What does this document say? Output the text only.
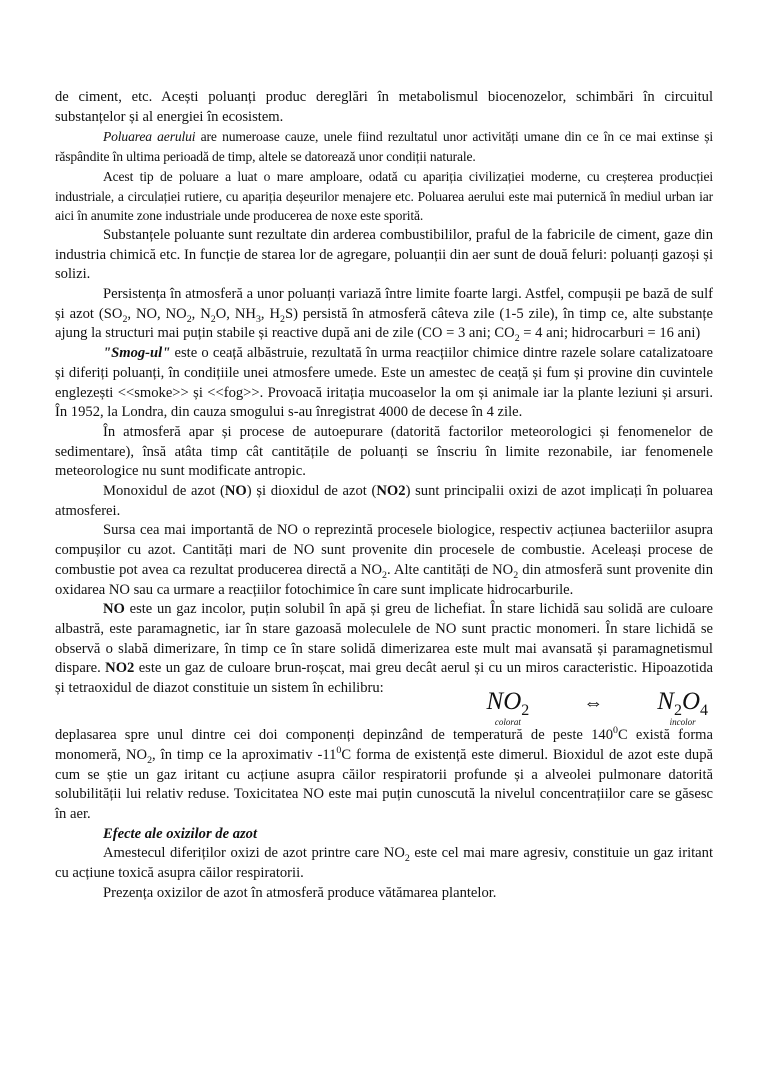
de ciment, etc. Acești poluanți produc dereglări în metabolismul biocenozelor, schimbări în circuitul substanțelor și al energiei în ecosistem.

Poluarea aerului are numeroase cauze, unele fiind rezultatul unor activități umane din ce în ce mai extinse și răspândite în ultima perioadă de timp, altele se datorează unor condiții naturale.

Acest tip de poluare a luat o mare amploare, odată cu apariția civilizației moderne, cu creșterea producției industriale, a circulației rutiere, cu apariția deșeurilor menajere etc. Poluarea aerului este mai puternică în mediul urban iar aici în anumite zone industriale unde producerea de noxe este sporită.

Substanțele poluante sunt rezultate din arderea combustibililor, praful de la fabricile de ciment, gaze din industria chimică etc. In funcție de starea lor de agregare, poluanții din aer sunt de două feluri: poluanți gazoși și solizi.

Persistența în atmosferă a unor poluanți variază între limite foarte largi. Astfel, compușii pe bază de sulf și azot ($SO_2$, NO, $NO_2$, $N_2O$, $NH_3$, $H_2S$) persistă în atmosferă câteva zile (1-5 zile), în timp ce, alte substanțe ajung la structuri mai puțin stabile și reactive după ani de zile (CO = 3 ani; $CO_2 = 4$ ani; hidrocarburi = 16 ani)

"Smog-ul" este o ceață albăstruie, rezultată în urma reacțiilor chimice dintre razele solare catalizatoare și diferiți poluanți, în condițiile unei atmosfere umede. Este un amestec de ceață și fum și provine din cuvintele englezești <<smoke>> și <<fog>>. Provoacă iritația mucoaselor la om și animale iar la plante leziuni și arsuri. În 1952, la Londra, din cauza smogului s-au înregistrat 4000 de decese în 4 zile.

În atmosferă apar și procese de autoepurare (datorită factorilor meteorologici și fenomenelor de sedimentare), însă atâta timp cât cantitățile de poluanți se înscriu în limite rezonabile, iar fenomenele meteorologice nu sunt modificate antropic.

Monoxidul de azot (NO) și dioxidul de azot (NO2) sunt principalii oxizi de azot implicați în poluarea atmosferei.

Sursa cea mai importantă de NO o reprezintă procesele biologice, respectiv acțiunea bacteriilor asupra compușilor cu azot. Cantități mari de NO sunt provenite din procesele de combustie. Aceleași procese de combustie pot avea ca rezultat producerea directă a $NO_2$. Alte cantități de $NO_2$ din atmosferă sunt provenite din oxidarea NO sau ca urmare a reacțiilor fotochimice în care sunt implicate hidrocarburile.

NO este un gaz incolor, puțin solubil în apă și greu de lichefiat. În stare lichidă sau solidă are culoare albastră, este paramagnetic, iar în stare gazoasă moleculele de NO sunt practic monomeri. În stare lichidă se observă o slabă dimerizare, în timp ce în stare solidă dimerizarea este mult mai avansată și paramagnetismul dispare. NO2 este un gaz de culoare brun-roșcat, mai greu decât aerul și cu un miros caracteristic. Hipoazotida și tetraoxidul de diazot constituie un sistem în echilibru:	$NO_2$
colorat
⇔ $N_2O_4$
incolor
deplasarea spre unul dintre cei doi componenți depinzând de temperatură de peste $140^0C$ există forma monomeră, $NO_2$, în timp ce la aproximativ $-11^0C$ forma de existență este dimerul. Bioxidul de azot este după cum se știe un gaz iritant cu acțiune asupra căilor respiratorii profunde și a alveolei pulmonare datorită solubilității lui relativ reduse. Toxicitatea NO este mai puțin cunoscută la nivelul concentrațiilor care se găsesc în aer.

Efecte ale oxizilor de azot

Amestecul diferiților oxizi de azot printre care $NO_2$ este cel mai mare agresiv, constituie un gaz iritant cu acțiune toxică asupra căilor respiratorii.

Prezența oxizilor de azot în atmosferă produce vătămarea plantelor.
